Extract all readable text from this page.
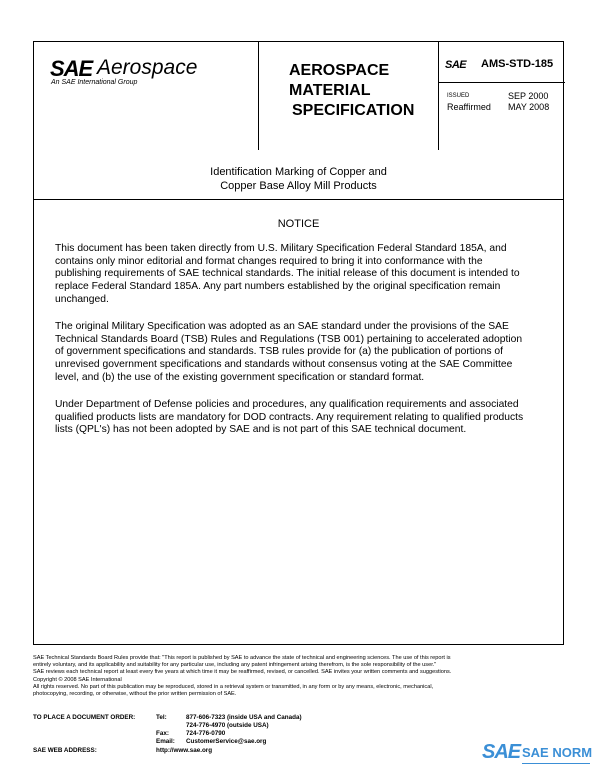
SAE Aerospace
An SAE International Group
AEROSPACE
MATERIAL
SPECIFICATION
SAE AMS-STD-185
ISSUED	SEP 2000
Reaffirmed MAY 2008
Identification Marking of Copper and
Copper Base Alloy Mill Products
NOTICE
This document has been taken directly from U.S. Military Specification Federal Standard 185A, and
contains only minor editorial and format changes required to bring it into conformance with the
publishing requirements of SAE technical standards. The initial release of this document is intended to
replace Federal Standard 185A. Any part numbers established by the original specification remain
unchanged.
The original Military Specification was adopted as an SAE standard under the provisions of the SAE
Technical Standards Board (TSB) Rules and Regulations (TSB 001) pertaining to accelerated adoption
of government specifications and standards. TSB rules provide for (a) the publication of portions of
unrevised government specifications and standards without consensus voting at the SAE Committee
level, and (b) the use of the existing government specification or standard format.
Under Department of Defense policies and procedures, any qualification requirements and associated
qualified products lists are mandatory for DOD contracts. Any requirement relating to qualified products
lists (QPL's) has not been adopted by SAE and is not part of this SAE technical document.
SAE Technical Standards Board Rules provide that: "This report is published by SAE to advance the state of technical and engineering sciences. The use of this report is
entirely voluntary, and its applicability and suitability for any particular use, including any patent infringement arising therefrom, is the sole responsibility of the user."
SAE reviews each technical report at least every five years at which time it may be reaffirmed, revised, or cancelled. SAE invites your written comments and suggestions.
Copyright © 2008 SAE International
All rights reserved. No part of this publication may be reproduced, stored in a retrieval system or transmitted, in any form or by any means, electronic, mechanical,
photocopying, recording, or otherwise, without the prior written permission of SAE.
TO PLACE A DOCUMENT ORDER:	Tel:	877-606-7323 (inside USA and Canada)
724-776-4970 (outside USA)
Fax:	724-776-0790
Email: CustomerService@sae.org
SAE WEB ADDRESS:	http://www.sae.org	SAE SAE NORM
